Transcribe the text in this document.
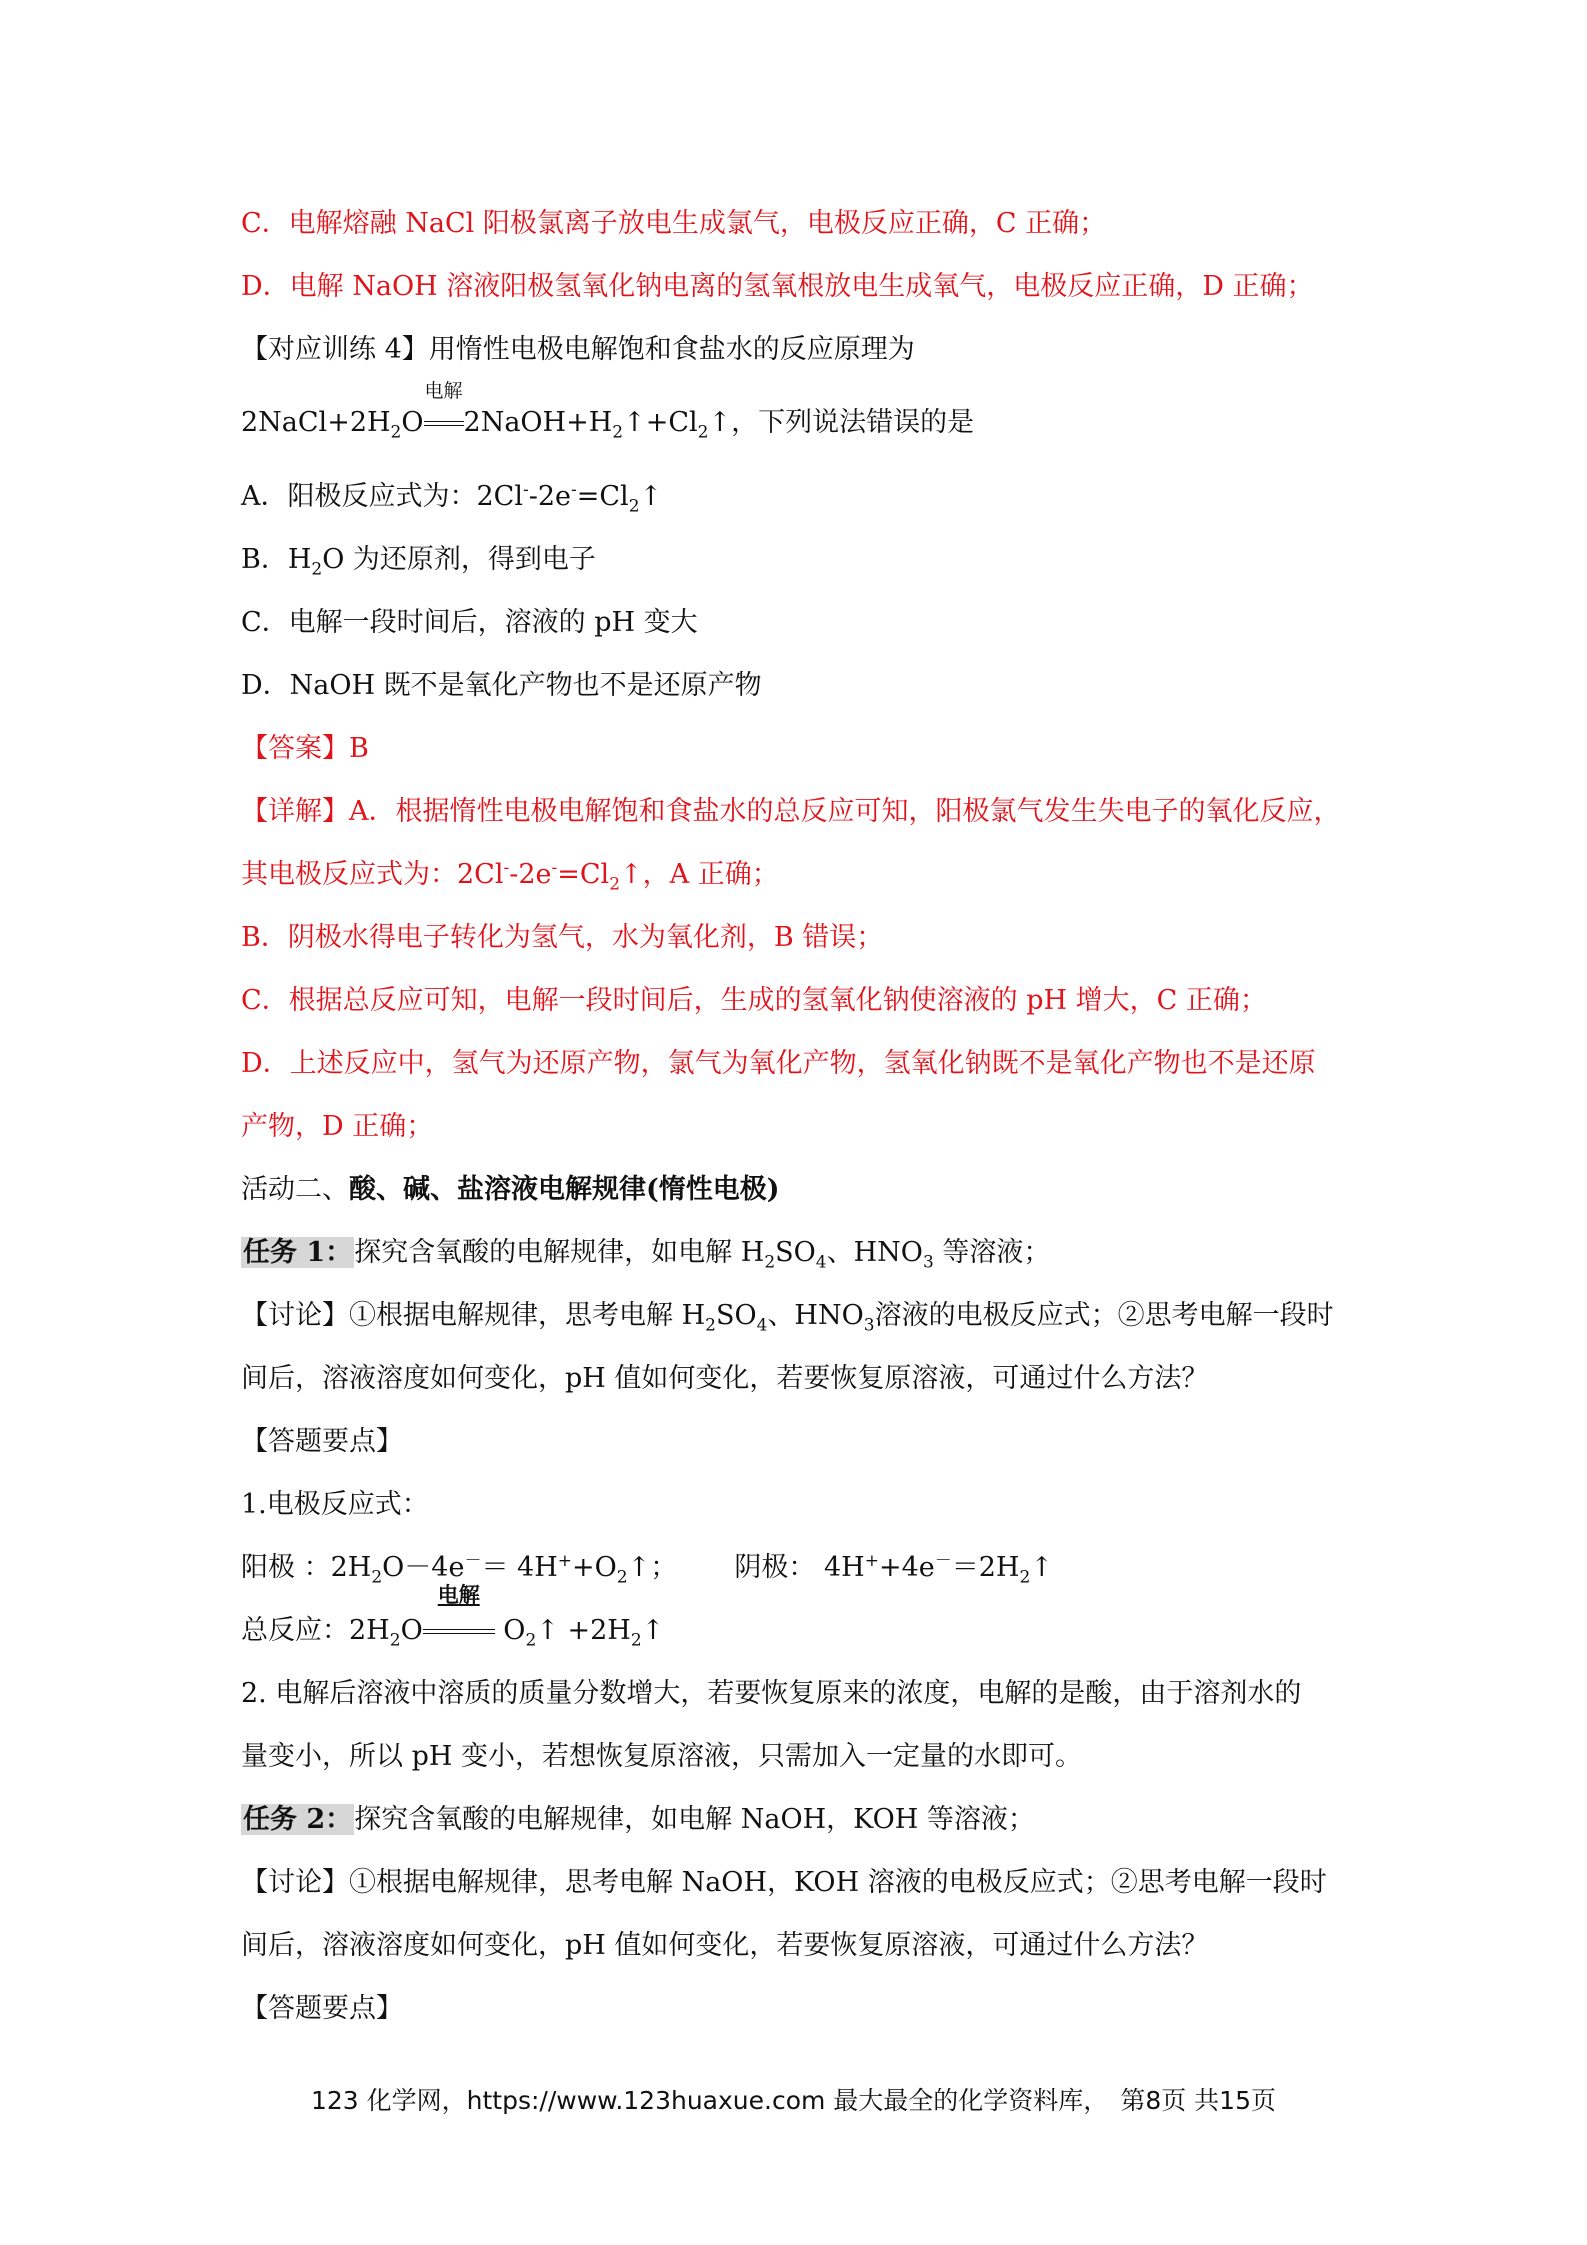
C．电解熔融 NaCl 阳极氯离子放电生成氯气，电极反应正确，C 正确；
D．电解 NaOH 溶液阳极氢氧化钠电离的氢氧根放电生成氧气，电极反应正确，D 正确；
【对应训练 4】用惰性电极电解饱和食盐水的反应原理为
$2NaCl+2H_2O$
电解
$2NaOH+H_2↑+Cl_2↑$，下列说法错误的是
A．阳极反应式为：$2Cl^--2e^-=Cl_2↑$
B．$H_2O$ 为还原剂，得到电子
C．电解一段时间后，溶液的 pH 变大
D．NaOH 既不是氧化产物也不是还原产物
【答案】B
【详解】A．根据惰性电极电解饱和食盐水的总反应可知，阳极氯气发生失电子的氧化反应，
其电极反应式为：$2Cl^--2e^-=Cl_2↑$，A 正确；
B．阴极水得电子转化为氢气，水为氧化剂，B 错误；
C．根据总反应可知，电解一段时间后，生成的氢氧化钠使溶液的 pH 增大，C 正确；
D．上述反应中，氢气为还原产物，氯气为氧化产物，氢氧化钠既不是氧化产物也不是还原
产物，D 正确；
活动二、酸、碱、盐溶液电解规律(惰性电极)
任务 1：探究含氧酸的电解规律，如电解 $H_2SO_4$、$HNO_3$ 等溶液；
【讨论】①根据电解规律，思考电解 $H_2SO_4$、$HNO_3$溶液的电极反应式；②思考电解一段时
间后，溶液溶度如何变化，pH 值如何变化，若要恢复原溶液，可通过什么方法？
【答题要点】
1.电极反应式：
阳极 ：$2H_2O-4e^-=$ $4H^++O_2↑$； 阴极： $4H^++4e^-=2H_2↑$
总反应：$2H_2O$
电解
$O_2↑$ $+2H_2↑$
2. 电解后溶液中溶质的质量分数增大，若要恢复原来的浓度，电解的是酸，由于溶剂水的
量变小，所以 pH 变小，若想恢复原溶液，只需加入一定量的水即可。
任务 2：探究含氧酸的电解规律，如电解 NaOH，KOH 等溶液；
【讨论】①根据电解规律，思考电解 NaOH，KOH 溶液的电极反应式；②思考电解一段时
间后，溶液溶度如何变化，pH 值如何变化，若要恢复原溶液，可通过什么方法？
【答题要点】
123 化学网，https://www.123huaxue.com 最大最全的化学资料库， 第8页 共15页
